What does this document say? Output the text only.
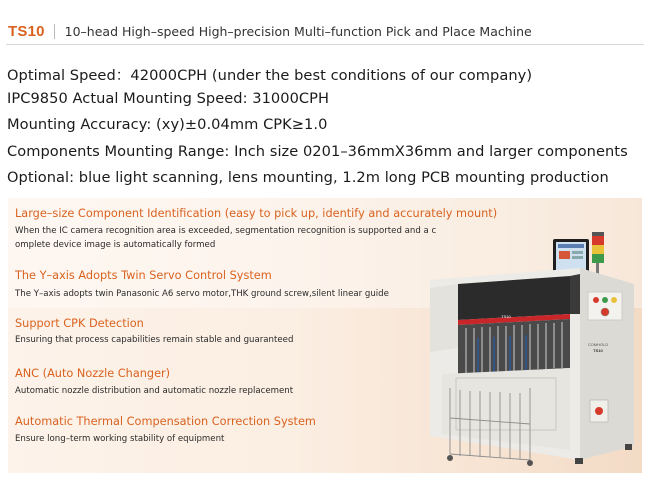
TS10 10–head High–speed High–precision Multi–function Pick and Place Machine
Optimal Speed：42000CPH (under the best conditions of our company)
IPC9850 Actual Mounting Speed: 31000CPH
Mounting Accuracy: (xy)±0.04mm CPK≥1.0
Components Mounting Range: Inch size 0201–36mmX36mm and larger components
Optional: blue light scanning, lens mounting, 1.2m long PCB mounting production
Large–size Component Identification (easy to pick up, identify and accurately mount)
When the IC camera recognition area is exceeded, segmentation recognition is supported and a c
omplete device image is automatically formed
The Y–axis Adopts Twin Servo Control System
The Y–axis adopts twin Panasonic A6 servo motor,THK ground screw,silent linear guide
Support CPK Detection
Ensuring that process capabilities remain stable and guaranteed
ANC (Auto Nozzle Changer)
Automatic nozzle distribution and automatic nozzle replacement
Automatic Thermal Compensation Correction System
Ensure long–term working stability of equipment
TS10
COMHOLD
TS10
